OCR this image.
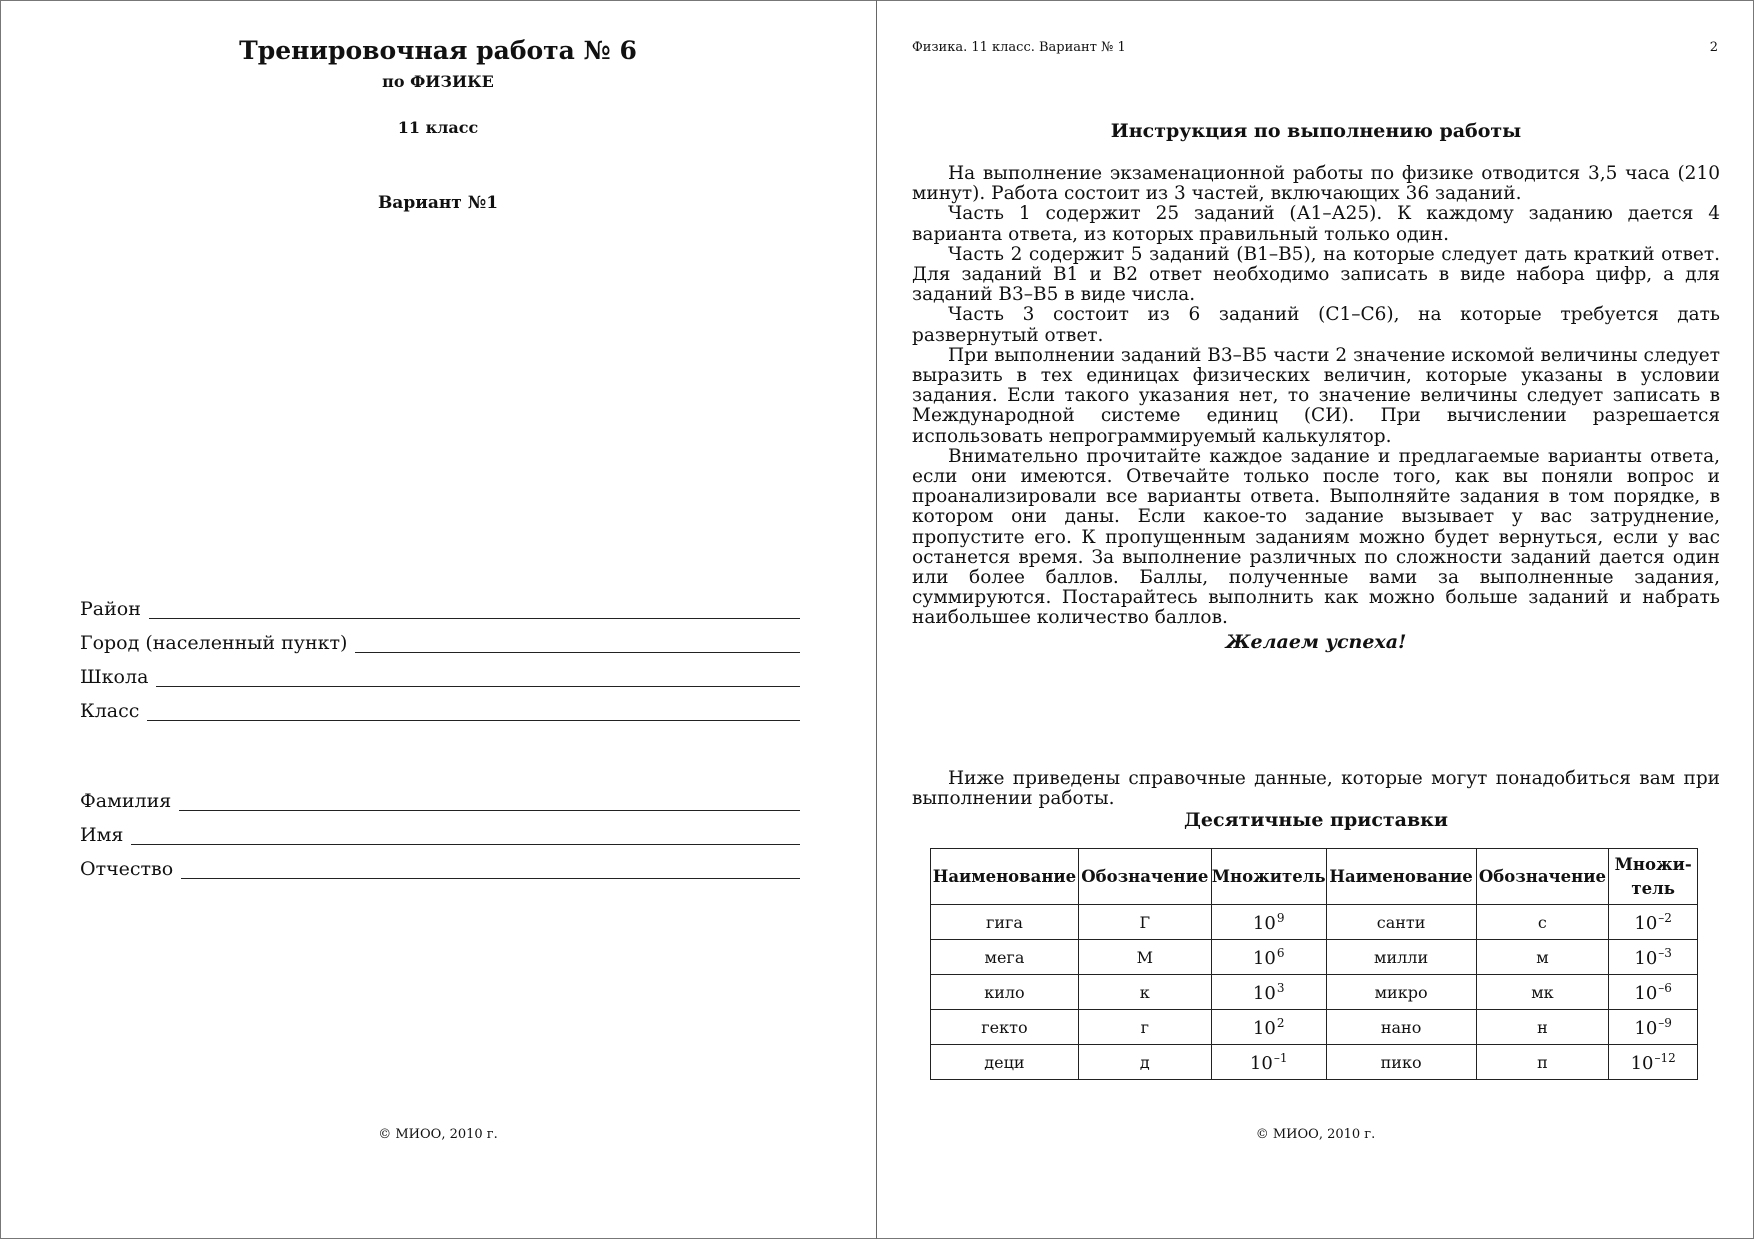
Тренировочная работа № 6
по ФИЗИКЕ
11 класс
Вариант №1
Район
Город (населенный пункт)
Школа
Класс
Фамилия
Имя
Отчество
© МИОО, 2010 г.
Физика. 11 класс. Вариант № 1	2
Инструкция по выполнению работы

На выполнение экзаменационной работы по физике отводится 3,5 часа (210 минут). Работа состоит из 3 частей, включающих 36 заданий.

Часть 1 содержит 25 заданий (А1–А25). К каждому заданию дается 4 варианта ответа, из которых правильный только один.

Часть 2 содержит 5 заданий (В1–В5), на которые следует дать краткий ответ. Для заданий В1 и В2 ответ необходимо записать в виде набора цифр, а для заданий В3–В5 в виде числа.

Часть 3 состоит из 6 заданий (С1–С6), на которые требуется дать развернутый ответ.

При выполнении заданий В3–В5 части 2 значение искомой величины следует выразить в тех единицах физических величин, которые указаны в условии задания. Если такого указания нет, то значение величины следует записать в Международной системе единиц (СИ). При вычислении разрешается использовать непрограммируемый калькулятор.

Внимательно прочитайте каждое задание и предлагаемые варианты ответа, если они имеются. Отвечайте только после того, как вы поняли вопрос и проанализировали все варианты ответа. Выполняйте задания в том порядке, в котором они даны. Если какое-то задание вызывает у вас затруднение, пропустите его. К пропущенным заданиям можно будет вернуться, если у вас останется время. За выполнение различных по сложности заданий дается один или более баллов. Баллы, полученные вами за выполненные задания, суммируются. Постарайтесь выполнить как можно больше заданий и набрать наибольшее количество баллов.

Желаем успеха!
Ниже приведены справочные данные, которые могут понадобиться вам при выполнении работы.
Десятичные приставки
Наименование	Обозначение	Множитель	Наименование	Обозначение	Множи-тель
гига	Г	$10^9$	санти	с	$10^{-2}$
мега	М	$10^6$	милли	м	$10^{-3}$
кило	к	$10^3$	микро	мк	$10^{-6}$
гекто	г	$10^2$	нано	н	$10^{-9}$
деци	д	$10^{-1}$	пико	п	$10^{-12}$
© МИОО, 2010 г.
